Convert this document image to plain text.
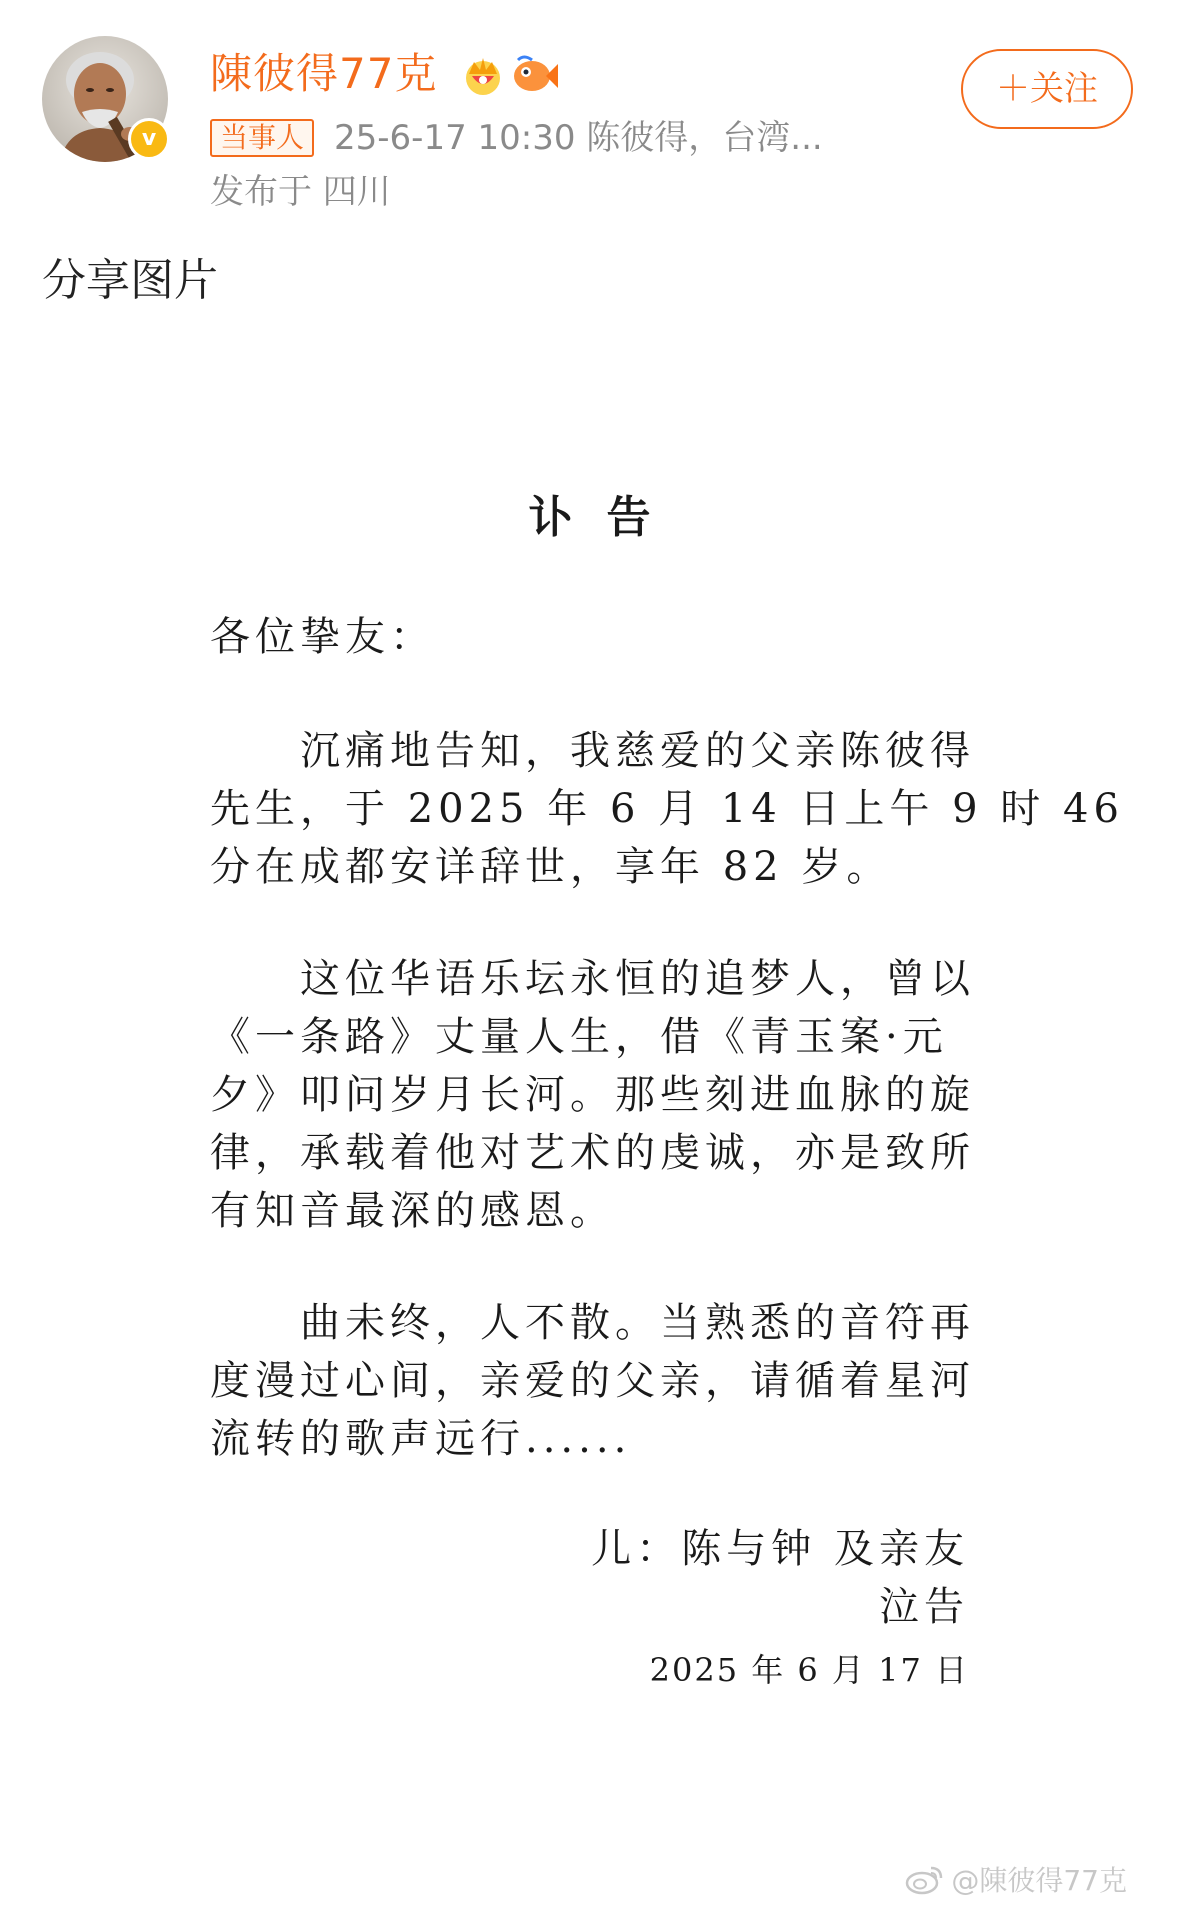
v
陳彼得77克
当事人 25-6-17 10:30 陈彼得，台湾...
发布于 四川
＋关注
分享图片
讣告
各位挚友：
沉痛地告知，我慈爱的父亲陈彼得
先生，于 2025 年 6 月 14 日上午 9 时 46
分在成都安详辞世，享年 82 岁。
这位华语乐坛永恒的追梦人，曾以
《一条路》丈量人生，借《青玉案·元
夕》叩问岁月长河。那些刻进血脉的旋
律，承载着他对艺术的虔诚，亦是致所
有知音最深的感恩。
曲未终，人不散。当熟悉的音符再
度漫过心间，亲爱的父亲，请循着星河
流转的歌声远行......
儿：陈与钟 及亲友
泣告
2025 年 6 月 17 日
@陳彼得77克
